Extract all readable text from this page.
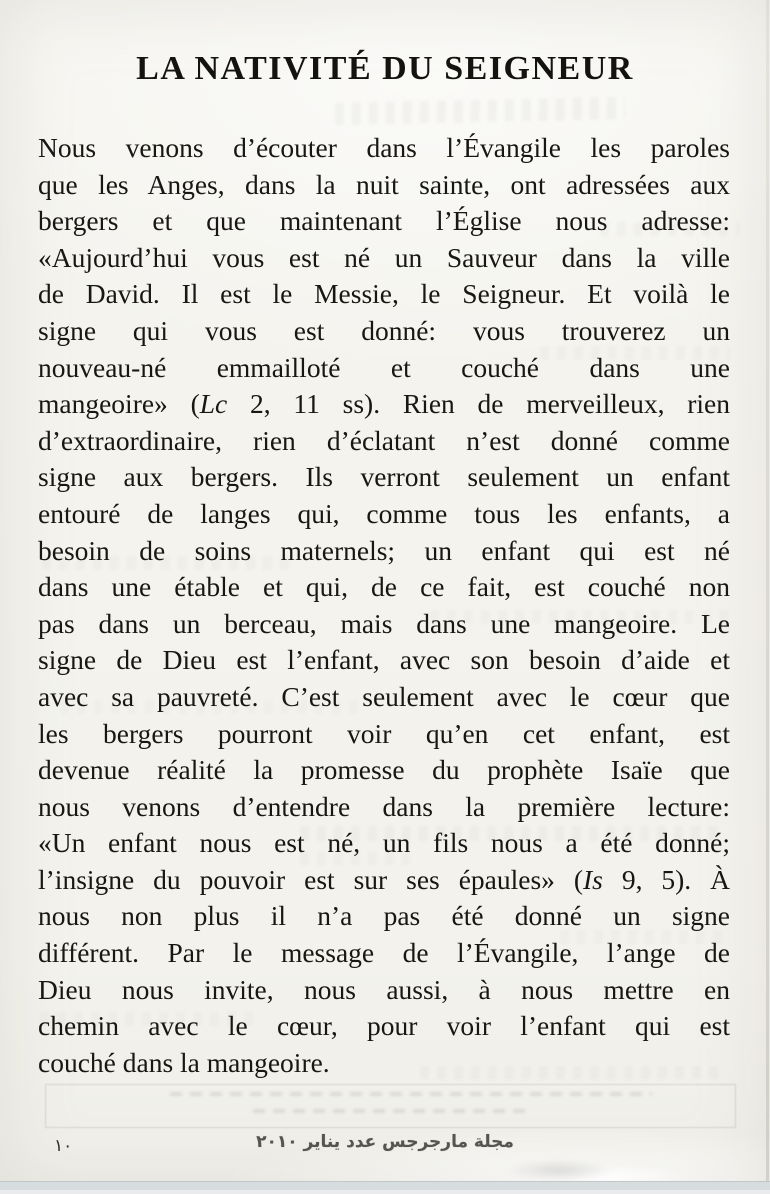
LA NATIVITÉ DU SEIGNEUR
Nous venons d’écouter dans l’Évangile les paroles
que les Anges, dans la nuit sainte, ont adressées aux
bergers et que maintenant l’Église nous adresse:
«Aujourd’hui vous est né un Sauveur dans la ville
de David. Il est le Messie, le Seigneur. Et voilà le
signe qui vous est donné: vous trouverez un
nouveau-né emmailloté et couché dans une
mangeoire» (Lc 2, 11 ss). Rien de merveilleux, rien
d’extraordinaire, rien d’éclatant n’est donné comme
signe aux bergers. Ils verront seulement un enfant
entouré de langes qui, comme tous les enfants, a
besoin de soins maternels; un enfant qui est né
dans une étable et qui, de ce fait, est couché non
pas dans un berceau, mais dans une mangeoire. Le
signe de Dieu est l’enfant, avec son besoin d’aide et
avec sa pauvreté. C’est seulement avec le cœur que
les bergers pourront voir qu’en cet enfant, est
devenue réalité la promesse du prophète Isaïe que
nous venons d’entendre dans la première lecture:
«Un enfant nous est né, un fils nous a été donné;
l’insigne du pouvoir est sur ses épaules» (Is 9, 5). À
nous non plus il n’a pas été donné un signe
différent. Par le message de l’Évangile, l’ange de
Dieu nous invite, nous aussi, à nous mettre en
chemin avec le cœur, pour voir l’enfant qui est
couché dans la mangeoire.
١٠	مجلة مارجرجس عدد يناير ٢٠١٠
